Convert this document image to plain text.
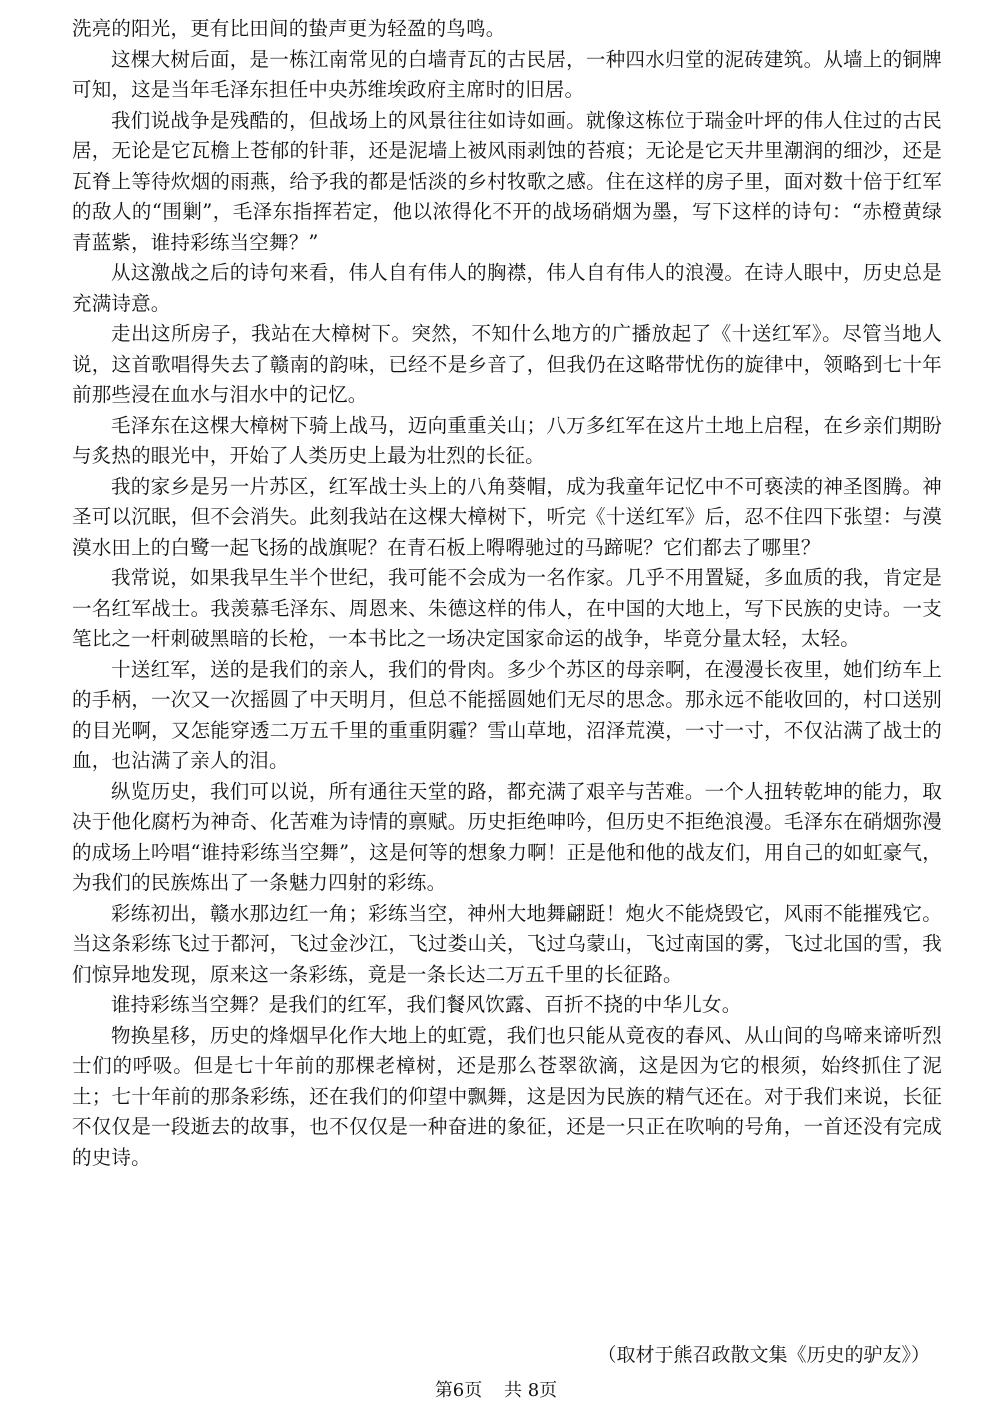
洗亮的阳光，更有比田间的蛰声更为轻盈的鸟鸣。

这棵大树后面，是一栋江南常见的白墙青瓦的古民居，一种四水归堂的泥砖建筑。从墙上的铜牌可知，这是当年毛泽东担任中央苏维埃政府主席时的旧居。

我们说战争是残酷的，但战场上的风景往往如诗如画。就像这栋位于瑞金叶坪的伟人住过的古民居，无论是它瓦檐上苍郁的针菲，还是泥墙上被风雨剥蚀的苔痕；无论是它天井里潮润的细沙，还是瓦脊上等待炊烟的雨燕，给予我的都是恬淡的乡村牧歌之感。住在这样的房子里，面对数十倍于红军的敌人的“围剿”，毛泽东指挥若定，他以浓得化不开的战场硝烟为墨，写下这样的诗句：“赤橙黄绿青蓝紫，谁持彩练当空舞？”

从这激战之后的诗句来看，伟人自有伟人的胸襟，伟人自有伟人的浪漫。在诗人眼中，历史总是充满诗意。

走出这所房子，我站在大樟树下。突然，不知什么地方的广播放起了《十送红军》。尽管当地人说，这首歌唱得失去了赣南的韵味，已经不是乡音了，但我仍在这略带忧伤的旋律中，领略到七十年前那些浸在血水与泪水中的记忆。

毛泽东在这棵大樟树下骑上战马，迈向重重关山；八万多红军在这片土地上启程，在乡亲们期盼与炙热的眼光中，开始了人类历史上最为壮烈的长征。

我的家乡是另一片苏区，红军战士头上的八角葵帽，成为我童年记忆中不可亵渎的神圣图腾。神圣可以沉眠，但不会消失。此刻我站在这棵大樟树下，听完《十送红军》后，忍不住四下张望：与漠漠水田上的白鹭一起飞扬的战旗呢？在青石板上嘚嘚驰过的马蹄呢？它们都去了哪里？

我常说，如果我早生半个世纪，我可能不会成为一名作家。几乎不用置疑，多血质的我，肯定是一名红军战士。我羡慕毛泽东、周恩来、朱德这样的伟人，在中国的大地上，写下民族的史诗。一支笔比之一杆刺破黑暗的长枪，一本书比之一场决定国家命运的战争，毕竟分量太轻，太轻。

十送红军，送的是我们的亲人，我们的骨肉。多少个苏区的母亲啊，在漫漫长夜里，她们纺车上的手柄，一次又一次摇圆了中天明月，但总不能摇圆她们无尽的思念。那永远不能收回的，村口送别的目光啊，又怎能穿透二万五千里的重重阴霾？雪山草地，沼泽荒漠，一寸一寸，不仅沾满了战士的血，也沾满了亲人的泪。

纵览历史，我们可以说，所有通往天堂的路，都充满了艰辛与苦难。一个人扭转乾坤的能力，取决于他化腐朽为神奇、化苦难为诗情的禀赋。历史拒绝呻吟，但历史不拒绝浪漫。毛泽东在硝烟弥漫的成场上吟唱“谁持彩练当空舞”，这是何等的想象力啊！正是他和他的战友们，用自己的如虹豪气，为我们的民族炼出了一条魅力四射的彩练。

彩练初出，赣水那边红一角；彩练当空，神州大地舞翩跹！炮火不能烧毁它，风雨不能摧残它。当这条彩练飞过于都河，飞过金沙江，飞过娄山关，飞过乌蒙山，飞过南国的雾，飞过北国的雪，我们惊异地发现，原来这一条彩练，竟是一条长达二万五千里的长征路。

谁持彩练当空舞？是我们的红军，我们餐风饮露、百折不挠的中华儿女。

物换星移，历史的烽烟早化作大地上的虹霓，我们也只能从竟夜的春风、从山间的鸟啼来谛听烈士们的呼吸。但是七十年前的那棵老樟树，还是那么苍翠欲滴，这是因为它的根须，始终抓住了泥土；七十年前的那条彩练，还在我们的仰望中飘舞，这是因为民族的精气还在。对于我们来说，长征不仅仅是一段逝去的故事，也不仅仅是一种奋进的象征，还是一只正在吹响的号角，一首还没有完成的史诗。

（取材于熊召政散文集《历史的驴友》）
第6页 共 8页
